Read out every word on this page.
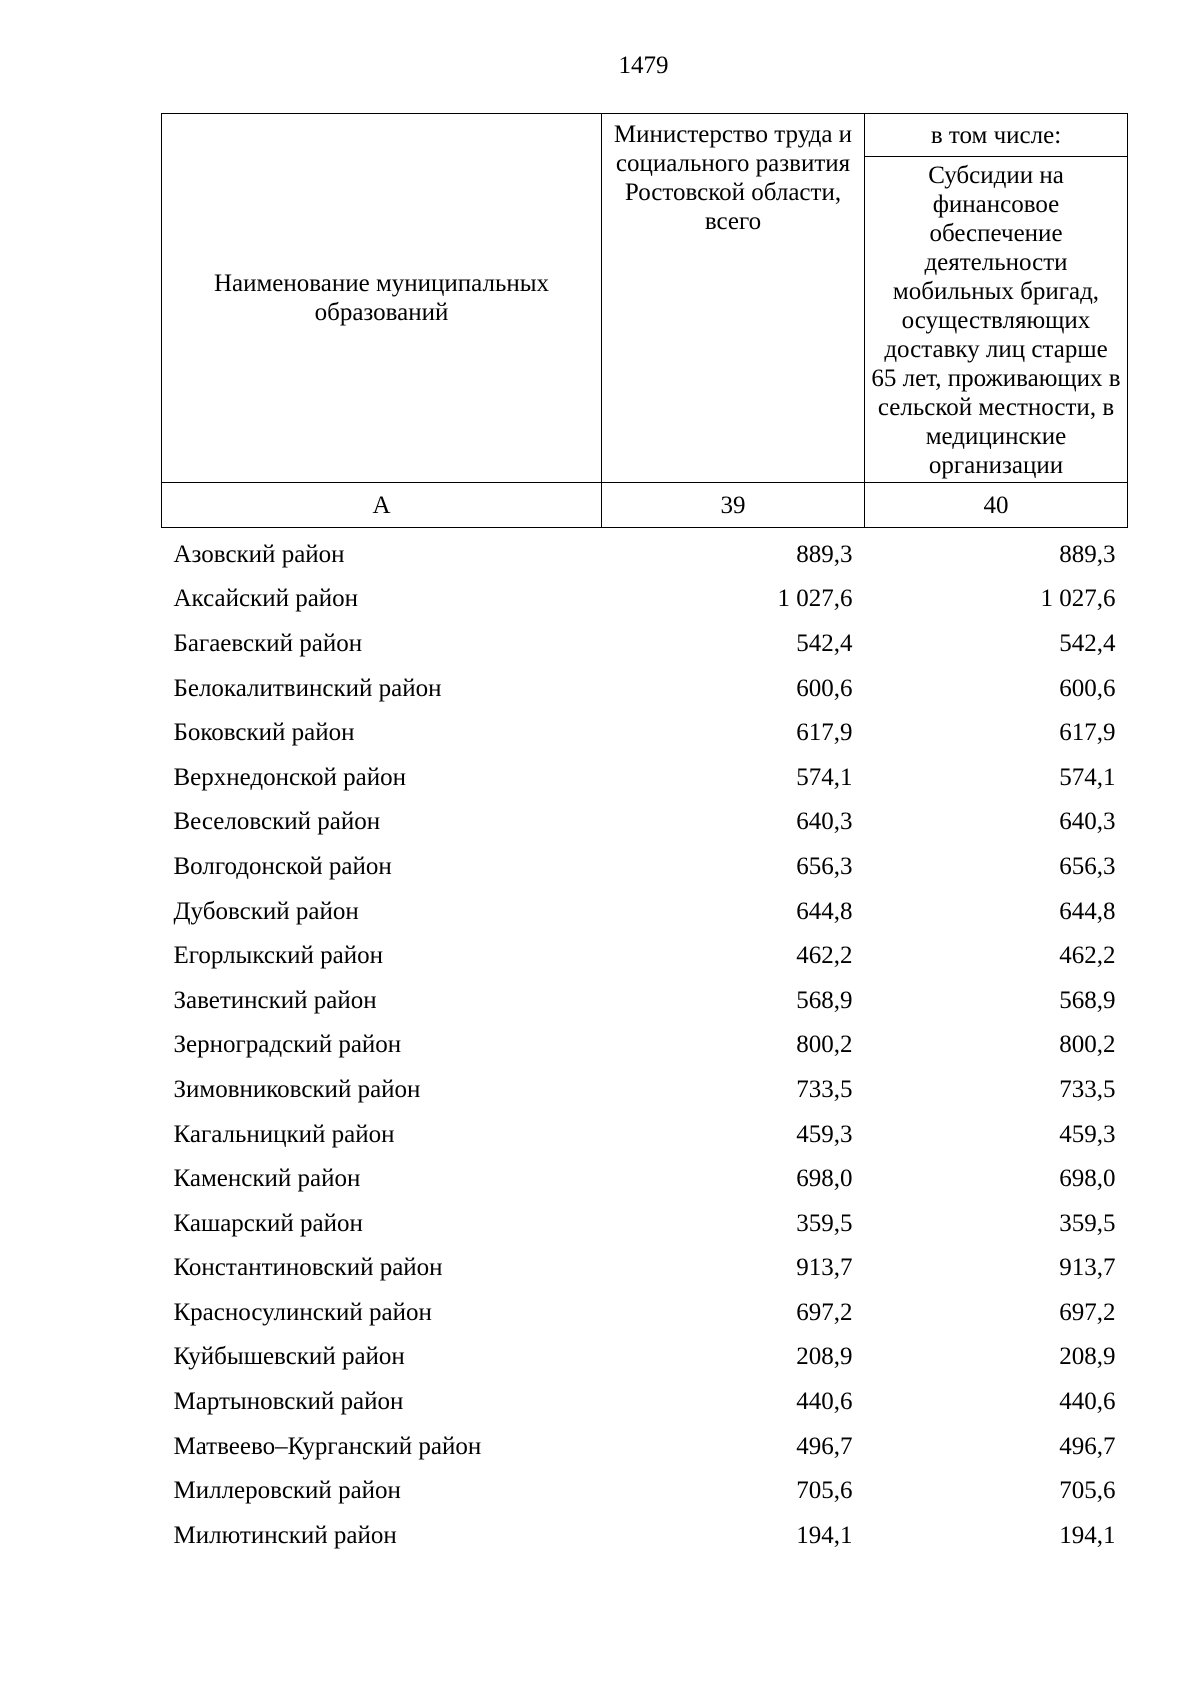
1479
Наименование муниципальных образований	Министерство труда и социального развития Ростовской области, всего	в том числе:
		Субсидии на финансовое обеспечение деятельности мобильных бригад, осуществляющих доставку лиц старше 65 лет, проживающих в сельской местности, в медицинские организации
А	39	40
Азовский район	889,3	889,3
Аксайский район	1 027,6	1 027,6
Багаевский район	542,4	542,4
Белокалитвинский район	600,6	600,6
Боковский район	617,9	617,9
Верхнедонской район	574,1	574,1
Веселовский район	640,3	640,3
Волгодонской район	656,3	656,3
Дубовский район	644,8	644,8
Егорлыкский район	462,2	462,2
Заветинский район	568,9	568,9
Зерноградский район	800,2	800,2
Зимовниковский район	733,5	733,5
Кагальницкий район	459,3	459,3
Каменский район	698,0	698,0
Кашарский район	359,5	359,5
Константиновский район	913,7	913,7
Красносулинский район	697,2	697,2
Куйбышевский район	208,9	208,9
Мартыновский район	440,6	440,6
Матвеево–Курганский район	496,7	496,7
Миллеровский район	705,6	705,6
Милютинский район	194,1	194,1
